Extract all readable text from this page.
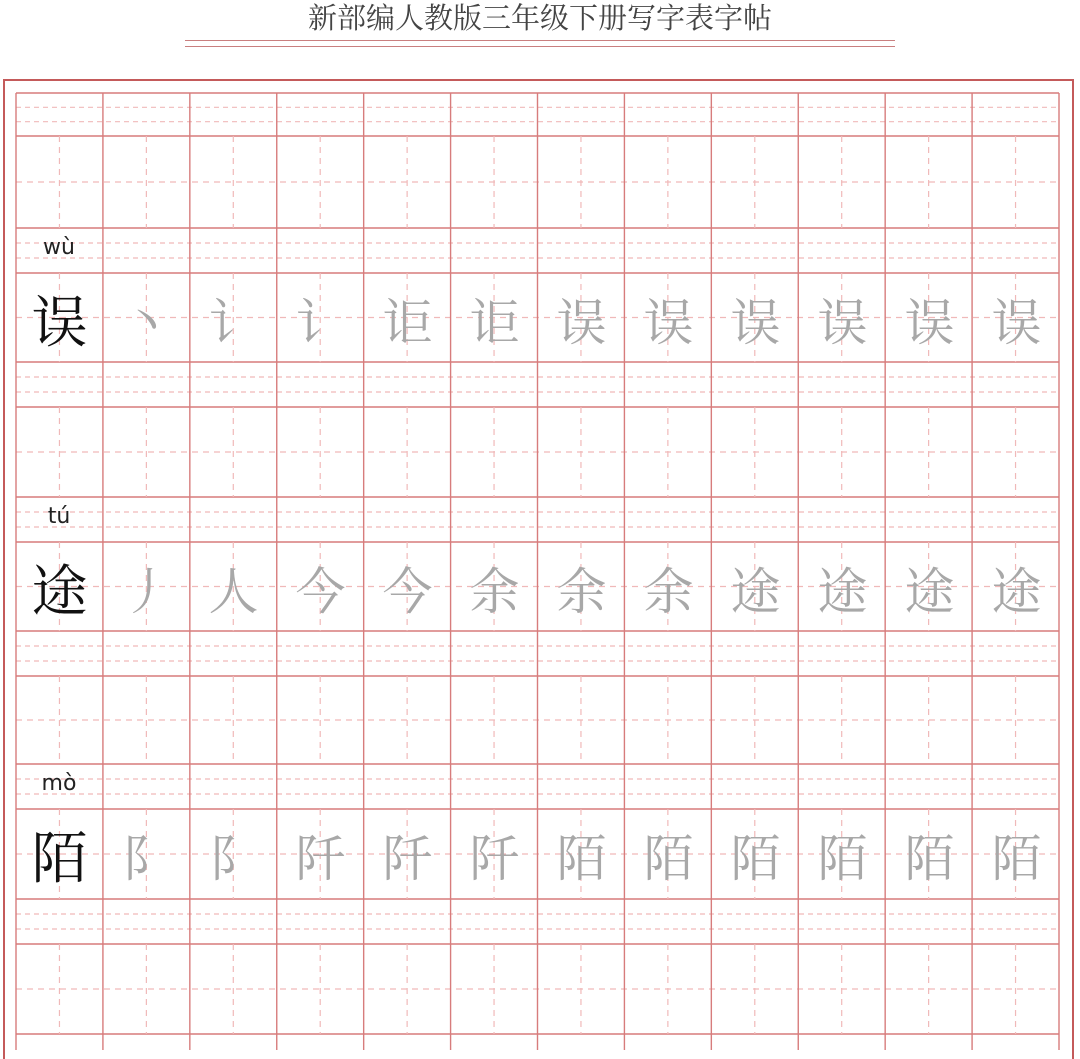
新部编人教版三年级下册写字表字帖
wù
误 丶 讠 讠 讵 讵 误 误 误 误 误 误
tú
途 丿 人 今 今 余 余 余 途 途 途 途
mò
陌 阝 阝 阡 阡 阡 陌 陌 陌 陌 陌 陌
